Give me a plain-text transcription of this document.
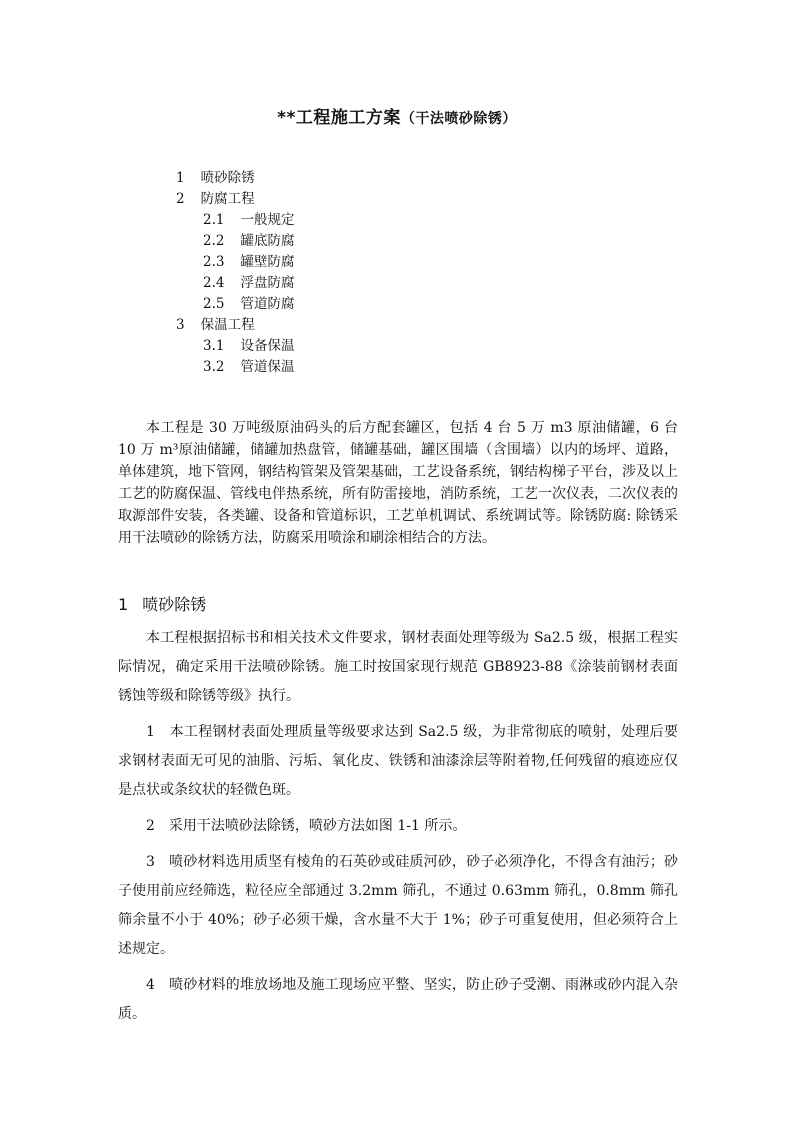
**工程施工方案（干法喷砂除锈）
1 喷砂除锈
2 防腐工程
2.1 一般规定
2.2 罐底防腐
2.3 罐壁防腐
2.4 浮盘防腐
2.5 管道防腐
3 保温工程
3.1 设备保温
3.2 管道保温

本工程是 30 万吨级原油码头的后方配套罐区，包括 4 台 5 万 m3 原油储罐，6 台 10 万 m³原油储罐，储罐加热盘管，储罐基础，罐区围墙（含围墙）以内的场坪、道路，单体建筑，地下管网，钢结构管架及管架基础，工艺设备系统，钢结构梯子平台，涉及以上工艺的防腐保温、管线电伴热系统，所有防雷接地，消防系统，工艺一次仪表，二次仪表的取源部件安装，各类罐、设备和管道标识，工艺单机调试、系统调试等。除锈防腐: 除锈采用干法喷砂的除锈方法，防腐采用喷涂和刷涂相结合的方法。

1 喷砂除锈

本工程根据招标书和相关技术文件要求，钢材表面处理等级为 Sa2.5 级，根据工程实际情况，确定采用干法喷砂除锈。施工时按国家现行规范 GB8923-88《涂装前钢材表面锈蚀等级和除锈等级》执行。

1　本工程钢材表面处理质量等级要求达到 Sa2.5 级，为非常彻底的喷射，处理后要求钢材表面无可见的油脂、污垢、氧化皮、铁锈和油漆涂层等附着物,任何残留的痕迹应仅是点状或条纹状的轻微色斑。

2　采用干法喷砂法除锈，喷砂方法如图 1-1 所示。

3　喷砂材料选用质坚有棱角的石英砂或硅质河砂，砂子必须净化，不得含有油污；砂子使用前应经筛选，粒径应全部通过 3.2mm 筛孔，不通过 0.63mm 筛孔，0.8mm 筛孔筛余量不小于 40%；砂子必须干燥，含水量不大于 1%；砂子可重复使用，但必须符合上述规定。

4　喷砂材料的堆放场地及施工现场应平整、坚实，防止砂子受潮、雨淋或砂内混入杂质。
